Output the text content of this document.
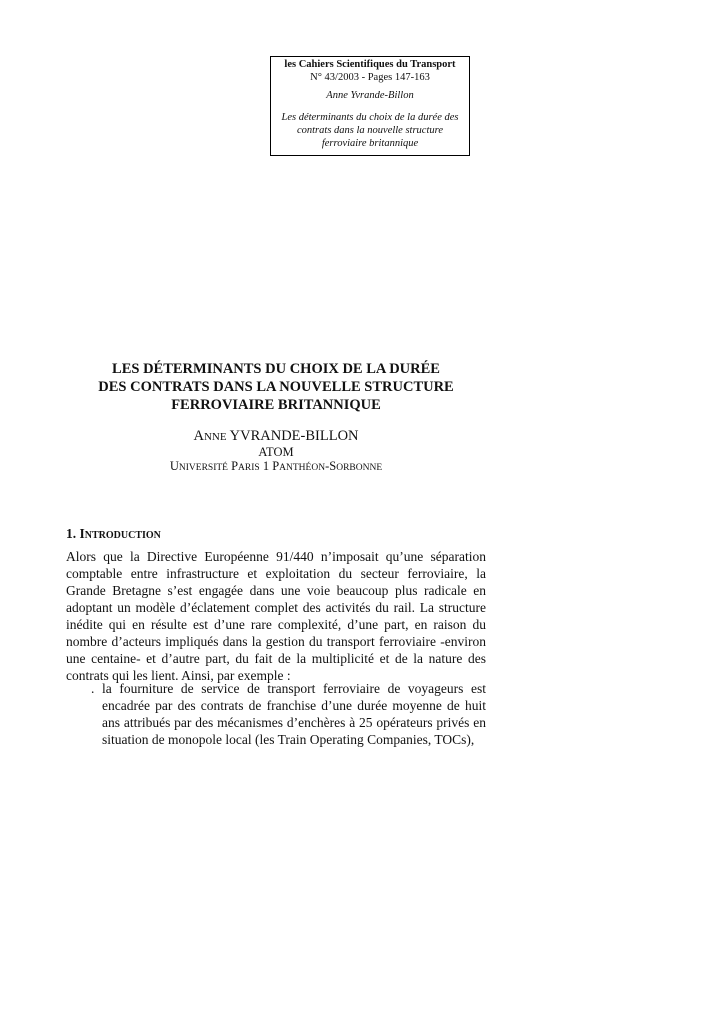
les Cahiers Scientifiques du Transport
N° 43/2003 - Pages 147-163
Anne Yvrande-Billon
Les déterminants du choix de la durée des
contrats dans la nouvelle structure
ferroviaire britannique
LES DÉTERMINANTS DU CHOIX DE LA DURÉE
DES CONTRATS DANS LA NOUVELLE STRUCTURE
FERROVIAIRE BRITANNIQUE
ANNE YVRANDE-BILLON
ATOM
UNIVERSITÉ PARIS 1 PANTHÉON-SORBONNE
1. INTRODUCTION
Alors que la Directive Européenne 91/440 n’imposait qu’une séparation
comptable entre infrastructure et exploitation du secteur ferroviaire, la
Grande Bretagne s’est engagée dans une voie beaucoup plus radicale en
adoptant un modèle d’éclatement complet des activités du rail. La structure
inédite qui en résulte est d’une rare complexité, d’une part, en raison du
nombre d’acteurs impliqués dans la gestion du transport ferroviaire -environ
une centaine- et d’autre part, du fait de la multiplicité et de la nature des
contrats qui les lient. Ainsi, par exemple :
. la fourniture de service de transport ferroviaire de voyageurs est
encadrée par des contrats de franchise d’une durée moyenne de huit
ans attribués par des mécanismes d’enchères à 25 opérateurs privés en
situation de monopole local (les Train Operating Companies, TOCs),
